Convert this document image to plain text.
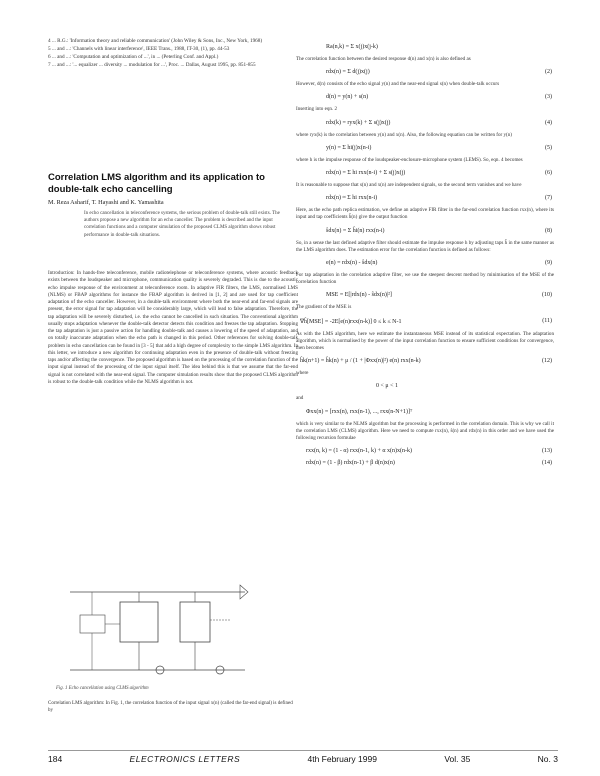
4 ... R.G.: 'Information theory and reliable communication' (John Wiley & Sons, Inc., New York, 1968)
5 ... and ...: 'Channels with linear interference', IEEE Trans., 1988, IT-30, (1), pp. 44-53
6 ... and ...: 'Computation and optimization of ...', in ... (Peterling Conf. and Appl.)
7 ... and ...: '... equalizer ... diversity ... modulation for ...', Proc. ... Dallas, August 1995, pp. 851-855
Correlation LMS algorithm and its application to double-talk echo cancelling
M. Reza Asharif, T. Hayashi and K. Yamashita
In echo cancellation in teleconference systems, the serious problem of double-talk still exists. The authors propose a new algorithm for an echo canceller. The problem is described and the input correlation functions and a computer simulation of the proposed CLMS algorithm shows robust performance in double-talk situations.
Introduction: In hands-free teleconference, mobile radiotelephone or teleconference systems, where acoustic feedback exists between the loudspeaker and microphone, communication quality is severely degraded. This is due to the acoustic echo impulse response of the environment at teleconference room. In adaptive FIR filters, the LMS, normalised LMS (NLMS) or FBAP algorithms for instance the FBAP algorithm is derived in [1, 2] and are used for tap coefficient adaptation of the echo canceller. However, in a double-talk environment where both the near-end and far-end signals are present, the error signal for tap adaptation will be considerably large, which will lead to false adaptation. Therefore, the tap adaptation will be severely disturbed, i.e. the echo cannot be cancelled in such situation. The conventional algorithm usually stops adaptation whenever the double-talk detector detects this condition and freezes the tap adaptation. Stopping the tap adaptation is just a passive action for handling double-talk and causes a lowering of the speed of adaptation, and on totally inaccurate adaptation when the echo path is changed in this period. Other references for solving double-talk problem in echo cancellation can be found in [3 - 5] that add a high degree of complexity to the simple LMS algorithm. In this letter, we introduce a new algorithm for continuing adaptation even in the presence of double-talk without freezing taps and/or affecting the convergence. The proposed algorithm is based on the processing of the correlation function of the input signal instead of the processing of the input signal itself. The idea behind this is that we assume that the far-end signal is not correlated with the near-end signal. The computer simulation results show that the proposed CLMS algorithm is robust to the double-talk condition while the NLMS algorithm is not.
Fig. 1 Echo cancellation using CLMS algorithm
Correlation LMS algorithm: In Fig. 1, the correlation function of the input signal x(n) (called the far-end signal) is defined by
Ra(n,k) = Σ x(j)x(j-k)
The correlation function between the desired response d(n) and x(n) is also defined as
rdx(n) = Σ d(j)x(j)	(2)
However, d(n) consists of the echo signal y(n) and the near-end signal s(n) when double-talk occurs
d(n) = y(n) + s(n)	(3)
Inserting into eqn. 2
rdx(k) = ryx(k) + Σ s(j)x(j)	(4)
where ryx(k) is the correlation between y(n) and x(n). Also, the following equation can be written for y(n)
y(n) = Σ hi(j)x(n-i)	(5)
where h is the impulse response of the loudspeaker-enclosure-microphone system (LEMS). So, eqn. 4 becomes
rdx(n) = Σ hi rxx(n-i) + Σ s(j)x(j)	(6)
It is reasonable to suppose that s(n) and x(n) are independent signals, so the second term vanishes and we have
rdx(n) ≈ Σ hi rxx(n-i)	(7)
Here, as the echo path replica estimation, we define an adaptive FIR filter in the far-end correlation function rxx(n), where its input and tap coefficients ĥ(n) give the output function
ŝdx(n) = Σ ĥi(n) rxx(n-i)	(8)
So, in a sense the last defined adaptive filter should estimate the impulse response h by adjusting taps ĥ in the same manner as the LMS algorithm does. The estimation error for the correlation function is defined as follows:
e(n) = rdx(n) - ŝdx(n)	(9)
For tap adaptation in the correlation adaptive filter, we use the steepest descent method by minimisation of the MSE of the correlation function
MSE = E[|rdx(n) - ŝdx(n)|²]	(10)
The gradient of the MSE is
∇ĥ[MSE] = -2E[e(n)rxx(n-k)] 0 ≤ k ≤ N-1	(11)
As with the LMS algorithm, here we estimate the instantaneous MSE instead of its statistical expectation. The adaptation algorithm, which is normalised by the power of the input correlation function to ensure sufficient conditions for convergence, then becomes
ĥk(n+1) = ĥk(n) + μ / (1 + |Φxx(n)|²) e(n) rxx(n-k)	(12)
where
0 < μ < 1
and
Φxx(n) = [rxx(n), rxx(n-1), ..., rxx(n-N+1)]ᵀ
which is very similar to the NLMS algorithm but the processing is performed in the correlation domain. This is why we call it the correlation LMS (CLMS) algorithm. Here we need to compute rxx(n), ŝ(n) and rdx(n) in this order and we have used the following recursion formulae
rxx(n, k) = (1 - α) rxx(n-1, k) + α x(n)x(n-k)	(13)
rdx(n) = (1 - β) rdx(n-1) + β d(n)x(n)	(14)
184	ELECTRONICS LETTERS	4th February 1999	Vol. 35	No. 3
